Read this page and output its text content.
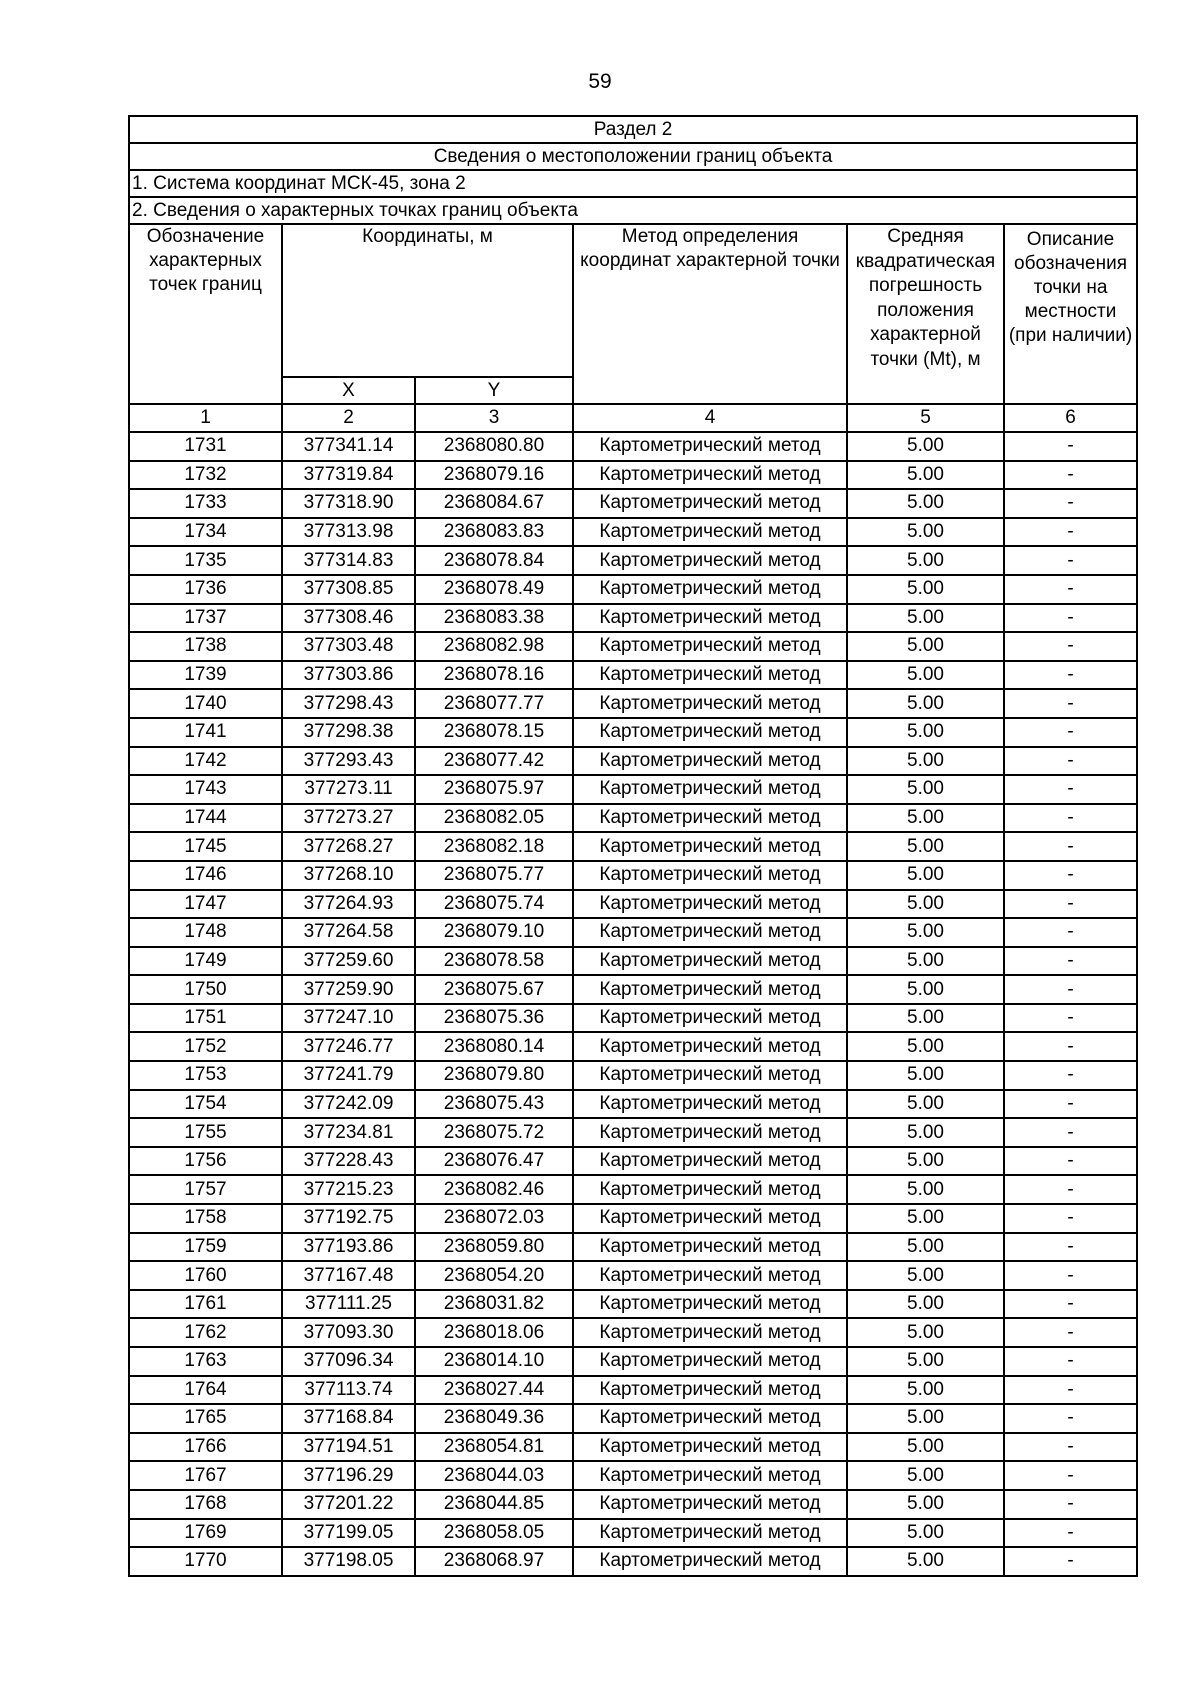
59
Раздел 2					
Сведения о местоположении границ объекта					
1. Система координат МСК-45, зона 2					
2. Сведения о характерных точках границ объекта					
Обозначение характерных точек границ	Координаты, м		Метод определения координат характерной точки	Средняя квадратическая погрешность положения характерной точки (Mt), м	Описание обозначения точки на местности (при наличии)
	X	Y			
1	2	3	4	5	6
1731	377341.14	2368080.80	Картометрический метод	5.00	-
1732	377319.84	2368079.16	Картометрический метод	5.00	-
1733	377318.90	2368084.67	Картометрический метод	5.00	-
1734	377313.98	2368083.83	Картометрический метод	5.00	-
1735	377314.83	2368078.84	Картометрический метод	5.00	-
1736	377308.85	2368078.49	Картометрический метод	5.00	-
1737	377308.46	2368083.38	Картометрический метод	5.00	-
1738	377303.48	2368082.98	Картометрический метод	5.00	-
1739	377303.86	2368078.16	Картометрический метод	5.00	-
1740	377298.43	2368077.77	Картометрический метод	5.00	-
1741	377298.38	2368078.15	Картометрический метод	5.00	-
1742	377293.43	2368077.42	Картометрический метод	5.00	-
1743	377273.11	2368075.97	Картометрический метод	5.00	-
1744	377273.27	2368082.05	Картометрический метод	5.00	-
1745	377268.27	2368082.18	Картометрический метод	5.00	-
1746	377268.10	2368075.77	Картометрический метод	5.00	-
1747	377264.93	2368075.74	Картометрический метод	5.00	-
1748	377264.58	2368079.10	Картометрический метод	5.00	-
1749	377259.60	2368078.58	Картометрический метод	5.00	-
1750	377259.90	2368075.67	Картометрический метод	5.00	-
1751	377247.10	2368075.36	Картометрический метод	5.00	-
1752	377246.77	2368080.14	Картометрический метод	5.00	-
1753	377241.79	2368079.80	Картометрический метод	5.00	-
1754	377242.09	2368075.43	Картометрический метод	5.00	-
1755	377234.81	2368075.72	Картометрический метод	5.00	-
1756	377228.43	2368076.47	Картометрический метод	5.00	-
1757	377215.23	2368082.46	Картометрический метод	5.00	-
1758	377192.75	2368072.03	Картометрический метод	5.00	-
1759	377193.86	2368059.80	Картометрический метод	5.00	-
1760	377167.48	2368054.20	Картометрический метод	5.00	-
1761	377111.25	2368031.82	Картометрический метод	5.00	-
1762	377093.30	2368018.06	Картометрический метод	5.00	-
1763	377096.34	2368014.10	Картометрический метод	5.00	-
1764	377113.74	2368027.44	Картометрический метод	5.00	-
1765	377168.84	2368049.36	Картометрический метод	5.00	-
1766	377194.51	2368054.81	Картометрический метод	5.00	-
1767	377196.29	2368044.03	Картометрический метод	5.00	-
1768	377201.22	2368044.85	Картометрический метод	5.00	-
1769	377199.05	2368058.05	Картометрический метод	5.00	-
1770	377198.05	2368068.97	Картометрический метод	5.00	-
